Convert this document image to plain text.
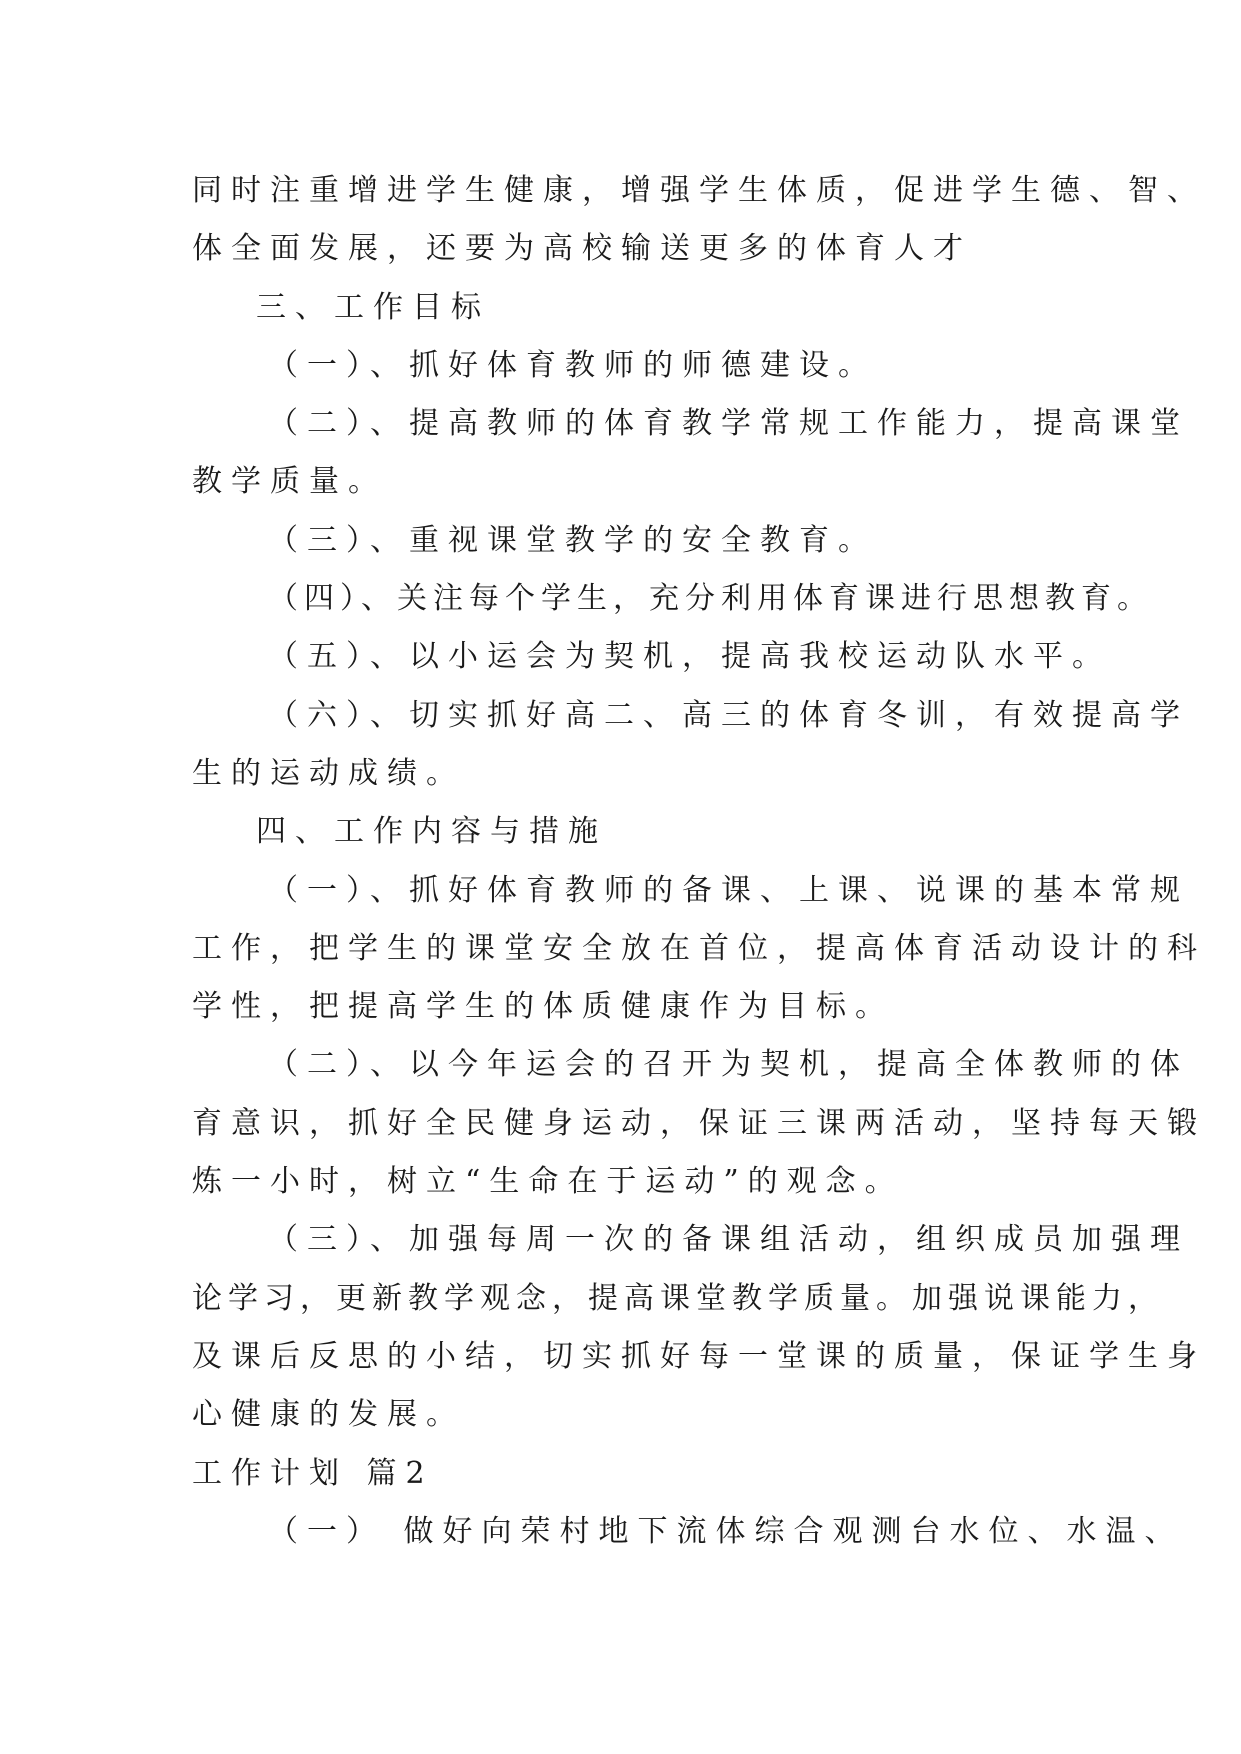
同时注重增进学生健康，增强学生体质，促进学生德、智、
体全面发展，还要为高校输送更多的体育人才
三、工作目标
（一）、抓好体育教师的师德建设。
（二）、提高教师的体育教学常规工作能力，提高课堂
教学质量。
（三）、重视课堂教学的安全教育。
（四）、关注每个学生，充分利用体育课进行思想教育。
（五）、以小运会为契机，提高我校运动队水平。
（六）、切实抓好高二、高三的体育冬训，有效提高学
生的运动成绩。
四、工作内容与措施
（一）、抓好体育教师的备课、上课、说课的基本常规
工作，把学生的课堂安全放在首位，提高体育活动设计的科
学性，把提高学生的体质健康作为目标。
（二）、以今年运会的召开为契机，提高全体教师的体
育意识，抓好全民健身运动，保证三课两活动，坚持每天锻
炼一小时，树立“生命在于运动”的观念。
（三）、加强每周一次的备课组活动，组织成员加强理
论学习，更新教学观念，提高课堂教学质量。加强说课能力，
及课后反思的小结，切实抓好每一堂课的质量，保证学生身
心健康的发展。
工作计划 篇2
（一） 做好向荣村地下流体综合观测台水位、水温、
